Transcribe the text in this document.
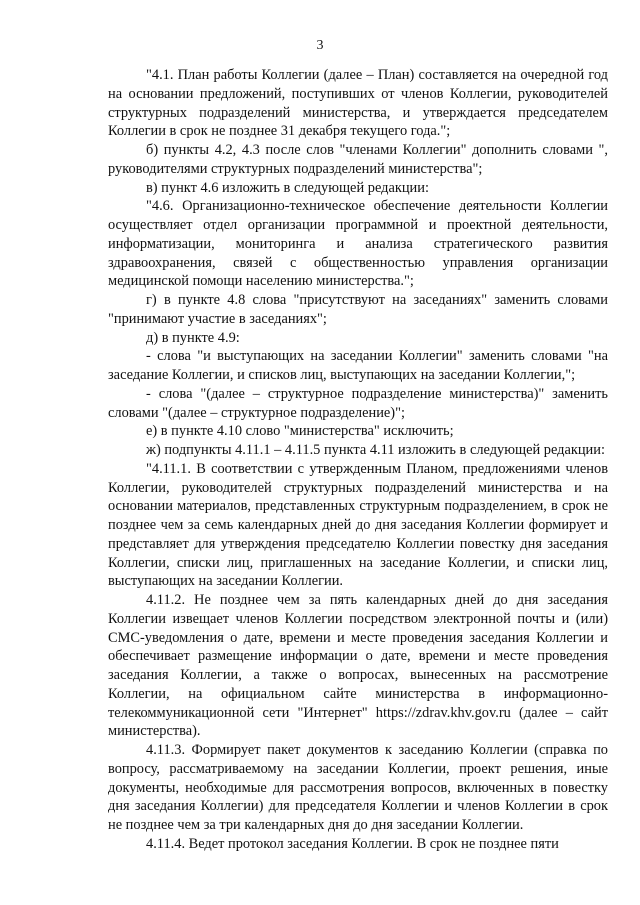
3

"4.1. План работы Коллегии (далее – План) составляется на очередной год на основании предложений, поступивших от членов Коллегии, руководителей структурных подразделений министерства, и утверждается председателем Коллегии в срок не позднее 31 декабря текущего года.";

б) пункты 4.2, 4.3 после слов "членами Коллегии" дополнить словами ", руководителями структурных подразделений министерства";

в) пункт 4.6 изложить в следующей редакции:

"4.6. Организационно-техническое обеспечение деятельности Коллегии осуществляет отдел организации программной и проектной деятельности, информатизации, мониторинга и анализа стратегического развития здравоохранения, связей с общественностью управления организации медицинской помощи населению министерства.";

г) в пункте 4.8 слова "присутствуют на заседаниях" заменить словами "принимают участие в заседаниях";

д) в пункте 4.9:

- слова "и выступающих на заседании Коллегии" заменить словами "на заседание Коллегии, и списков лиц, выступающих на заседании Коллегии,";

- слова "(далее – структурное подразделение министерства)" заменить словами "(далее – структурное подразделение)";

е) в пункте 4.10 слово "министерства" исключить;

ж) подпункты 4.11.1 – 4.11.5 пункта 4.11 изложить в следующей редакции:

"4.11.1. В соответствии с утвержденным Планом, предложениями членов Коллегии, руководителей структурных подразделений министерства и на основании материалов, представленных структурным подразделением, в срок не позднее чем за семь календарных дней до дня заседания Коллегии формирует и представляет для утверждения председателю Коллегии повестку дня заседания Коллегии, списки лиц, приглашенных на заседание Коллегии, и списки лиц, выступающих на заседании Коллегии.

4.11.2. Не позднее чем за пять календарных дней до дня заседания Коллегии извещает членов Коллегии посредством электронной почты и (или) СМС-уведомления о дате, времени и месте проведения заседания Коллегии и обеспечивает размещение информации о дате, времени и месте проведения заседания Коллегии, а также о вопросах, вынесенных на рассмотрение Коллегии, на официальном сайте министерства в информационно-телекоммуникационной сети "Интернет" https://zdrav.khv.gov.ru (далее – сайт министерства).

4.11.3. Формирует пакет документов к заседанию Коллегии (справка по вопросу, рассматриваемому на заседании Коллегии, проект решения, иные документы, необходимые для рассмотрения вопросов, включенных в повестку дня заседания Коллегии) для председателя Коллегии и членов Коллегии в срок не позднее чем за три календарных дня до дня заседании Коллегии.

4.11.4. Ведет протокол заседания Коллегии. В срок не позднее пяти
